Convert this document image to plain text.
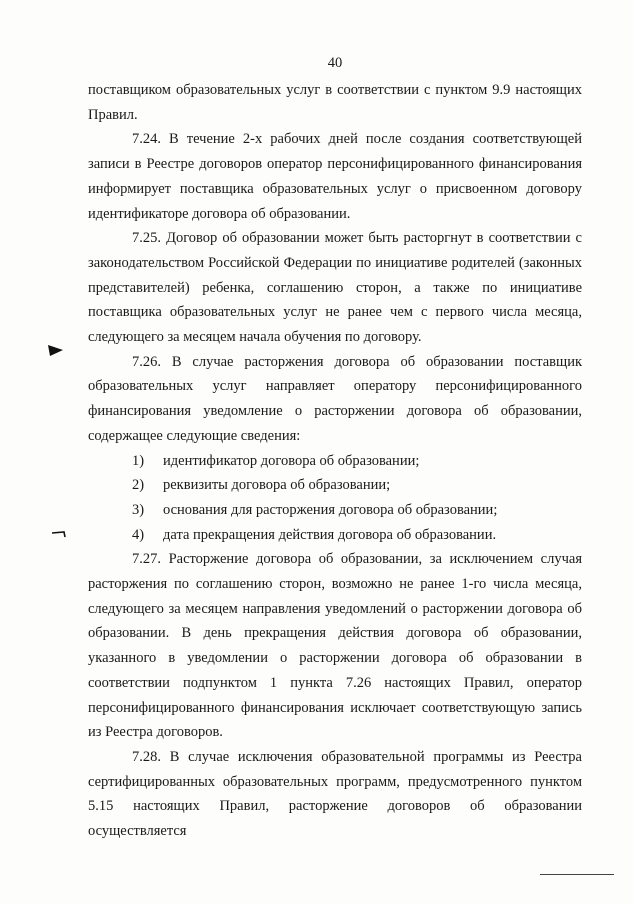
40

поставщиком образовательных услуг в соответствии с пунктом 9.9 настоящих Правил.

7.24. В течение 2-х рабочих дней после создания соответствующей записи в Реестре договоров оператор персонифицированного финансирования информирует поставщика образовательных услуг о присвоенном договору идентификаторе договора об образовании.

7.25. Договор об образовании может быть расторгнут в соответствии с законодательством Российской Федерации по инициативе родителей (законных представителей) ребенка, соглашению сторон, а также по инициативе поставщика образовательных услуг не ранее чем с первого числа месяца, следующего за месяцем начала обучения по договору.

7.26. В случае расторжения договора об образовании поставщик образовательных услуг направляет оператору персонифицированного финансирования уведомление о расторжении договора об образовании, содержащее следующие сведения:

1)	идентификатор договора об образовании;
2)	реквизиты договора об образовании;
3)	основания для расторжения договора об образовании;
4)	дата прекращения действия договора об образовании.

7.27. Расторжение договора об образовании, за исключением случая расторжения по соглашению сторон, возможно не ранее 1-го числа месяца, следующего за месяцем направления уведомлений о расторжении договора об образовании. В день прекращения действия договора об образовании, указанного в уведомлении о расторжении договора об образовании в соответствии подпунктом 1 пункта 7.26 настоящих Правил, оператор персонифицированного финансирования исключает соответствующую запись из Реестра договоров.

7.28. В случае исключения образовательной программы из Реестра сертифицированных образовательных программ, предусмотренного пунктом 5.15 настоящих Правил, расторжение договоров об образовании осуществляется
